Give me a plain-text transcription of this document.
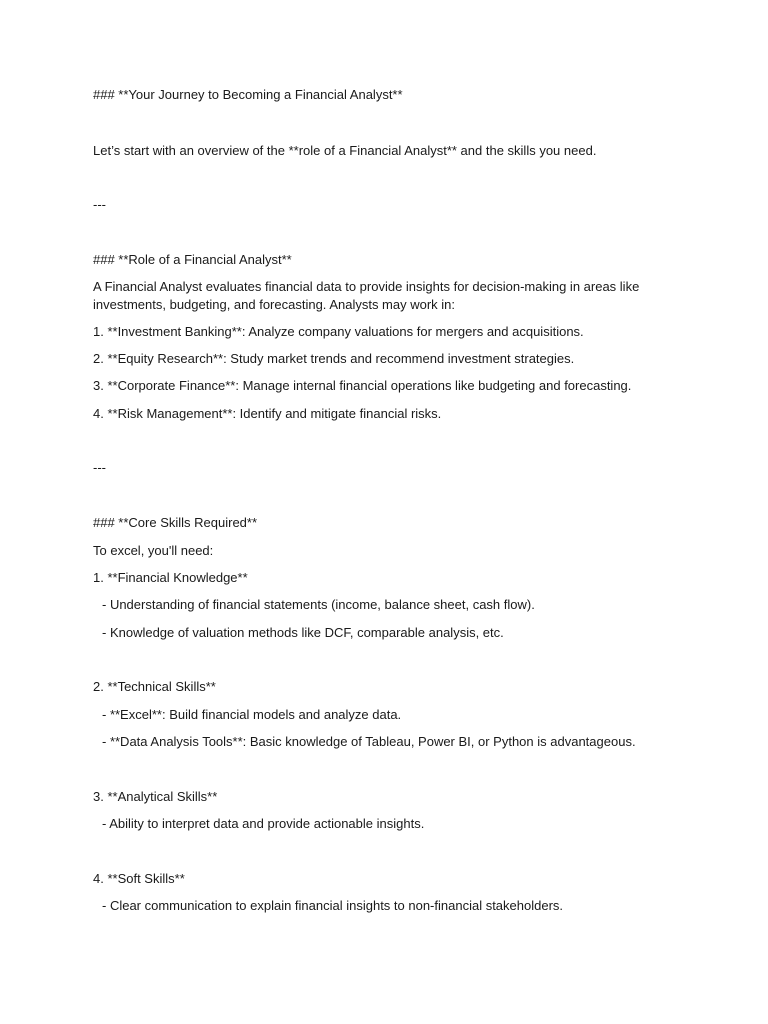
### **Your Journey to Becoming a Financial Analyst**
Let’s start with an overview of the **role of a Financial Analyst** and the skills you need.
---
### **Role of a Financial Analyst**
A Financial Analyst evaluates financial data to provide insights for decision-making in areas like
investments, budgeting, and forecasting. Analysts may work in:
1. **Investment Banking**: Analyze company valuations for mergers and acquisitions.
2. **Equity Research**: Study market trends and recommend investment strategies.
3. **Corporate Finance**: Manage internal financial operations like budgeting and forecasting.
4. **Risk Management**: Identify and mitigate financial risks.
---
### **Core Skills Required**
To excel, you'll need:
1. **Financial Knowledge**
- Understanding of financial statements (income, balance sheet, cash flow).
- Knowledge of valuation methods like DCF, comparable analysis, etc.
2. **Technical Skills**
- **Excel**: Build financial models and analyze data.
- **Data Analysis Tools**: Basic knowledge of Tableau, Power BI, or Python is advantageous.
3. **Analytical Skills**
- Ability to interpret data and provide actionable insights.
4. **Soft Skills**
- Clear communication to explain financial insights to non-financial stakeholders.
